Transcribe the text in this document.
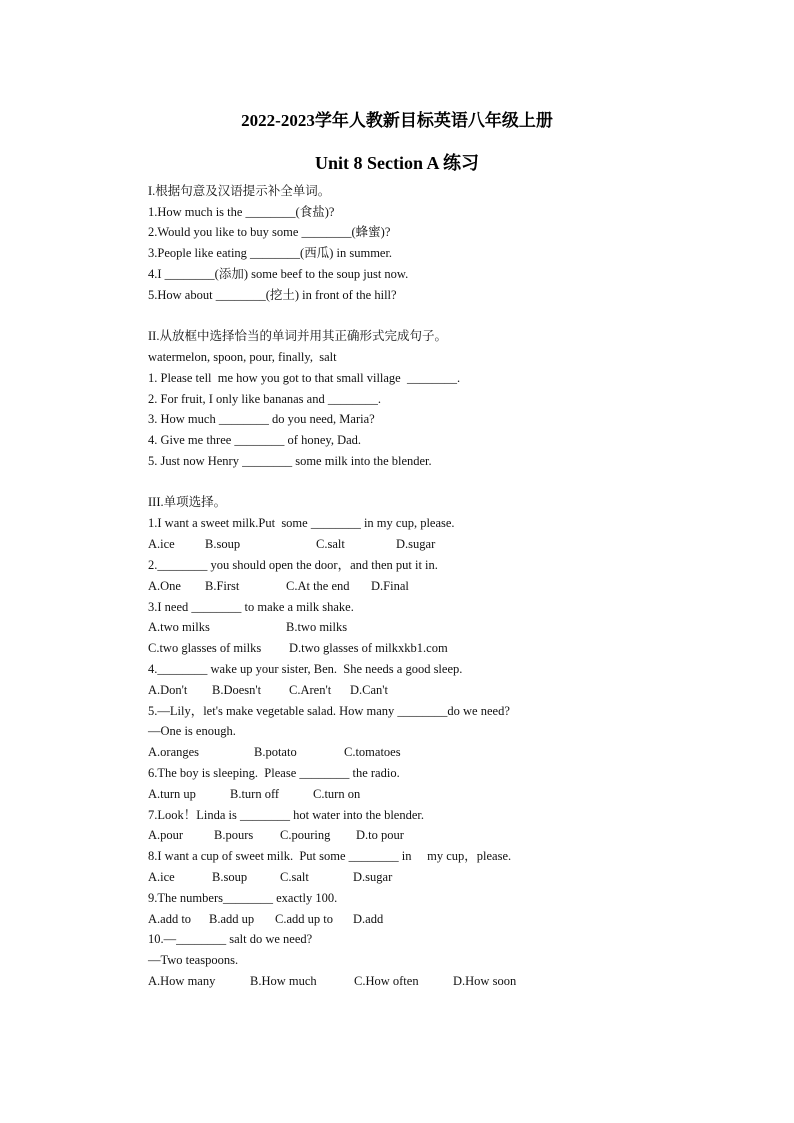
2022-2023学年人教新目标英语八年级上册
Unit 8 Section A 练习
I.根据句意及汉语提示补全单词。
1.How much is the ________(食盐)?
2.Would you like to buy some ________(蜂蜜)?
3.People like eating ________(西瓜) in summer.
4.I ________(添加) some beef to the soup just now.
5.How about ________(挖土) in front of the hill?
II.从放框中选择恰当的单词并用其正确形式完成句子。
watermelon, spoon, pour, finally,  salt
1. Please tell  me how you got to that small village  ________.
2. For fruit, I only like bananas and ________.
3. How much ________ do you need, Maria?
4. Give me three ________ of honey, Dad.
5. Just now Henry ________ some milk into the blender.
III.单项选择。
1.I want a sweet milk.Put  some ________ in my cup, please.
A.ice B.soup	C.salt	D.sugar
2.________ you should open the door，and then put it in.
A.One B.First	C.At the end D.Final
3.I need ________ to make a milk shake.
A.two milks	B.two milks
C.two glasses of milks D.two glasses of milkxkb1.com
4.________ wake up your sister, Ben.  She needs a good sleep.
A.Don't B.Doesn't C.Aren't D.Can't
5.—Lily，let's make vegetable salad. How many ________do we need?
—One is enough.
A.oranges	B.potato	C.tomatoes
6.The boy is sleeping.  Please ________ the radio.
A.turn up	B.turn off	C.turn on
7.Look！Linda is ________ hot water into the blender.
A.pour B.pours C.pouring D.to pour
8.I want a cup of sweet milk.  Put some ________ in     my cup，please.
A.ice	B.soup	C.salt	D.sugar
9.The numbers________ exactly 100.
A.add to B.add up C.add up to D.add
10.—________ salt do we need?
—Two teaspoons.
A.How many	B.How much	C.How often	D.How soon
